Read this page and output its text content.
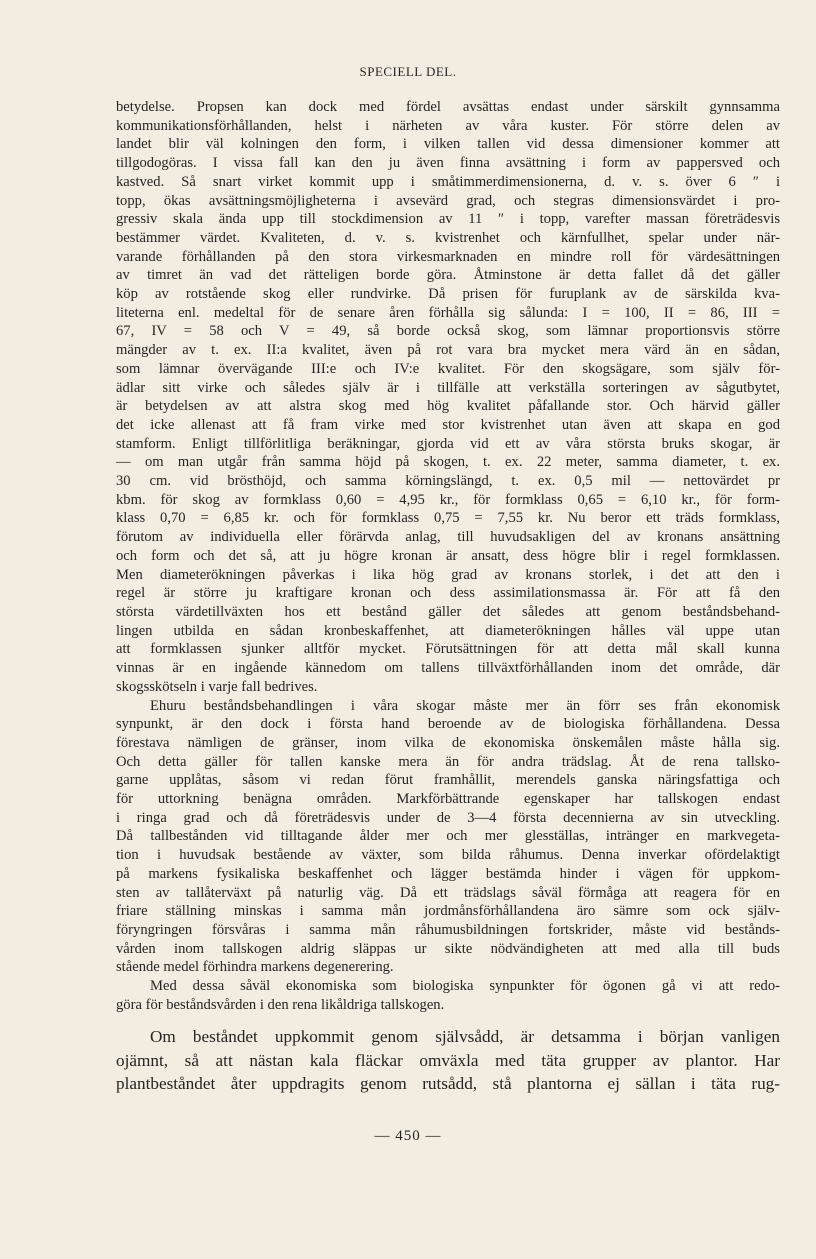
SPECIELL DEL.
betydelse. Propsen kan dock med fördel avsättas endast under särskilt gynnsamma
kommunikationsförhållanden, helst i närheten av våra kuster. För större delen av
landet blir väl kolningen den form, i vilken tallen vid dessa dimensioner kommer att
tillgodogöras. I vissa fall kan den ju även finna avsättning i form av pappersved och
kastved. Så snart virket kommit upp i småtimmerdimensionerna, d. v. s. över 6 ″ i
topp, ökas avsättningsmöjligheterna i avsevärd grad, och stegras dimensionsvärdet i pro-
gressiv skala ända upp till stockdimension av 11 ″ i topp, varefter massan företrädesvis
bestämmer värdet. Kvaliteten, d. v. s. kvistrenhet och kärnfullhet, spelar under när-
varande förhållanden på den stora virkesmarknaden en mindre roll för värdesättningen
av timret än vad det rätteligen borde göra. Åtminstone är detta fallet då det gäller
köp av rotstående skog eller rundvirke. Då prisen för furuplank av de särskilda kva-
liteterna enl. medeltal för de senare åren förhålla sig sålunda: I = 100, II = 86, III =
67, IV = 58 och V = 49, så borde också skog, som lämnar proportionsvis större
mängder av t. ex. II:a kvalitet, även på rot vara bra mycket mera värd än en sådan,
som lämnar övervägande III:e och IV:e kvalitet. För den skogsägare, som själv för-
ädlar sitt virke och således själv är i tillfälle att verkställa sorteringen av sågutbytet,
är betydelsen av att alstra skog med hög kvalitet påfallande stor. Och härvid gäller
det icke allenast att få fram virke med stor kvistrenhet utan även att skapa en god
stamform. Enligt tillförlitliga beräkningar, gjorda vid ett av våra största bruks skogar, är
— om man utgår från samma höjd på skogen, t. ex. 22 meter, samma diameter, t. ex.
30 cm. vid brösthöjd, och samma körningslängd, t. ex. 0,5 mil — nettovärdet pr
kbm. för skog av formklass 0,60 = 4,95 kr., för formklass 0,65 = 6,10 kr., för form-
klass 0,70 = 6,85 kr. och för formklass 0,75 = 7,55 kr. Nu beror ett träds formklass,
förutom av individuella eller förärvda anlag, till huvudsakligen del av kronans ansättning
och form och det så, att ju högre kronan är ansatt, dess högre blir i regel formklassen.
Men diameterökningen påverkas i lika hög grad av kronans storlek, i det att den i
regel är större ju kraftigare kronan och dess assimilationsmassa är. För att få den
största värdetillväxten hos ett bestånd gäller det således att genom beståndsbehand-
lingen utbilda en sådan kronbeskaffenhet, att diameterökningen hålles väl uppe utan
att formklassen sjunker alltför mycket. Förutsättningen för att detta mål skall kunna
vinnas är en ingående kännedom om tallens tillväxtförhållanden inom det område, där
skogsskötseln i varje fall bedrives.
Ehuru beståndsbehandlingen i våra skogar måste mer än förr ses från ekonomisk
synpunkt, är den dock i första hand beroende av de biologiska förhållandena. Dessa
förestava nämligen de gränser, inom vilka de ekonomiska önskemålen måste hålla sig.
Och detta gäller för tallen kanske mera än för andra trädslag. Åt de rena tallsko-
garne upplåtas, såsom vi redan förut framhållit, merendels ganska näringsfattiga och
för uttorkning benägna områden. Markförbättrande egenskaper har tallskogen endast
i ringa grad och då företrädesvis under de 3—4 första decennierna av sin utveckling.
Då tallbestånden vid tilltagande ålder mer och mer glesställas, intränger en markvegeta-
tion i huvudsak bestående av växter, som bilda råhumus. Denna inverkar ofördelaktigt
på markens fysikaliska beskaffenhet och lägger bestämda hinder i vägen för uppkom-
sten av tallåterväxt på naturlig väg. Då ett trädslags såväl förmåga att reagera för en
friare ställning minskas i samma mån jordmånsförhållandena äro sämre som ock själv-
föryngringen försvåras i samma mån råhumusbildningen fortskrider, måste vid bestånds-
vården inom tallskogen aldrig släppas ur sikte nödvändigheten att med alla till buds
stående medel förhindra markens degenerering.
Med dessa såväl ekonomiska som biologiska synpunkter för ögonen gå vi att redo-
göra för beståndsvården i den rena likåldriga tallskogen.
Om beståndet uppkommit genom självsådd, är detsamma i början vanligen
ojämnt, så att nästan kala fläckar omväxla med täta grupper av plantor. Har
plantbeståndet åter uppdragits genom rutsådd, stå plantorna ej sällan i täta rug-
— 450 —
